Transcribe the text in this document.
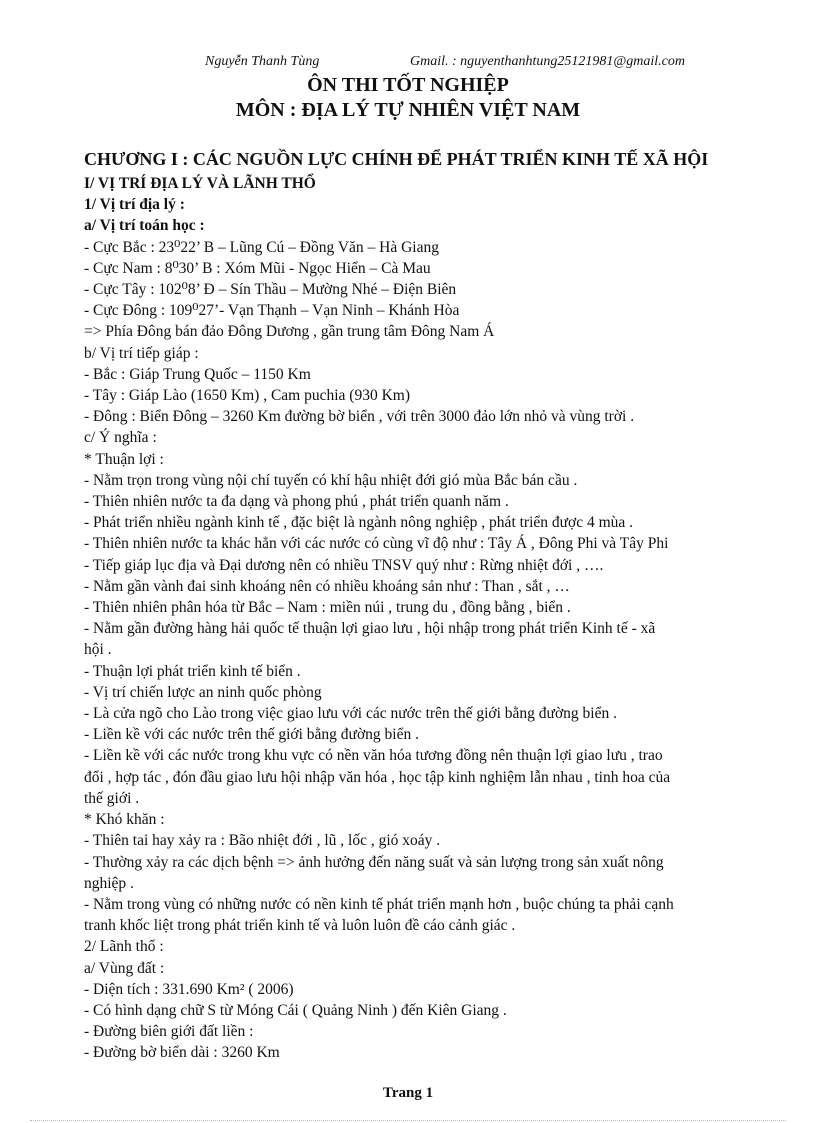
Nguyễn Thanh Tùng	Gmail. : nguyenthanhtung25121981@gmail.com
ÔN THI TỐT NGHIỆP
MÔN : ĐỊA LÝ TỰ NHIÊN VIỆT NAM
CHƯƠNG I : CÁC NGUỒN LỰC CHÍNH ĐỂ PHÁT TRIỂN KINH TẾ XÃ HỘI

I/ VỊ TRÍ ĐỊA LÝ VÀ LÃNH THỔ

1/ Vị trí địa lý :

a/ Vị trí toán học :

- Cực Bắc : 23⁰22’ B – Lũng Cú – Đồng Văn – Hà Giang

- Cực Nam : 8⁰30’ B : Xóm Mũi - Ngọc Hiển – Cà Mau

- Cực Tây : 102⁰8’ Đ – Sín Thầu – Mường Nhé – Điện Biên

- Cực Đông : 109⁰27’- Vạn Thạnh – Vạn Ninh – Khánh Hòa

=> Phía Đông bán đảo Đông Dương , gần trung tâm Đông Nam Á

b/ Vị trí tiếp giáp :

- Bắc : Giáp Trung Quốc – 1150 Km

- Tây : Giáp Lào (1650 Km) , Cam puchia (930 Km)

- Đông : Biển Đông – 3260 Km đường bờ biển , với trên 3000 đảo lớn nhỏ và vùng trời .

c/ Ý nghĩa :

* Thuận lợi :

- Nằm trọn trong vùng nội chí tuyến có khí hậu nhiệt đới gió mùa Bắc bán cầu .

- Thiên nhiên nước ta đa dạng và phong phú , phát triển quanh năm .

- Phát triển nhiều ngành kinh tế , đặc biệt là ngành nông nghiệp , phát triển được 4 mùa .

- Thiên nhiên nước ta khác hẳn với các nước có cùng vĩ độ như : Tây Á , Đông Phi và Tây Phi

- Tiếp giáp lục địa và Đại dương nên có nhiều TNSV quý như : Rừng nhiệt đới , ….

- Nằm gần vành đai sinh khoáng nên có nhiều khoáng sản như : Than , sắt , …

- Thiên nhiên phân hóa từ Bắc – Nam : miền núi , trung du , đồng bằng , biển .

- Nằm gần đường hàng hải quốc tế thuận lợi giao lưu , hội nhập trong phát triển Kinh tế - xã

hội .

- Thuận lợi phát triển kinh tế biển .

- Vị trí chiến lược an ninh quốc phòng

- Là cửa ngõ cho Lào trong việc giao lưu với các nước trên thế giới bằng đường biển .

- Liền kề với các nước trên thế giới bằng đường biển .

- Liền kề với các nước trong khu vực có nền văn hóa tương đồng nên thuận lợi giao lưu , trao

đổi , hợp tác , đón đầu giao lưu hội nhập văn hóa , học tập kinh nghiệm lẫn nhau , tinh hoa của

thế giới .

* Khó khăn :

- Thiên tai hay xảy ra : Bão nhiệt đới , lũ , lốc , gió xoáy .

- Thường xảy ra các dịch bệnh => ảnh hưởng đến năng suất và sản lượng trong sản xuất nông

nghiệp .

- Nằm trong vùng có những nước có nền kinh tế phát triển mạnh hơn , buộc chúng ta phải cạnh

tranh khốc liệt trong phát triển kinh tế và luôn luôn đề cáo cảnh giác .

2/ Lãnh thổ :

a/ Vùng đất :

- Diện tích : 331.690 Km² ( 2006)

- Có hình dạng chữ S từ Móng Cái ( Quảng Ninh ) đến Kiên Giang .

- Đường biên giới đất liền :

- Đường bờ biển dài : 3260 Km

Trang 1
